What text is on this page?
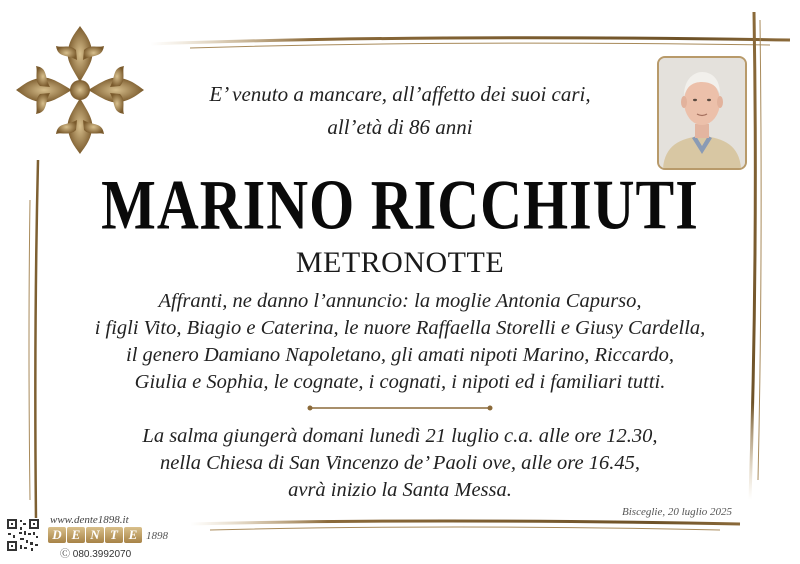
E’ venuto a mancare, all’affetto dei suoi cari,

all’età di 86 anni

MARINO RICCHIUTI

METRONOTTE

Affranti, ne danno l’annuncio: la moglie Antonia Capurso,

i figli Vito, Biagio e Caterina, le nuore Raffaella Storelli e Giusy Cardella,

il genero Damiano Napoletano, gli amati nipoti Marino, Riccardo,

Giulia e Sophia, le cognate, i cognati, i nipoti ed i familiari tutti.

La salma giungerà domani lunedì 21 luglio c.a. alle ore 12.30,

nella Chiesa di San Vincenzo de’ Paoli ove, alle ore 16.45,

avrà inizio la Santa Messa.

Bisceglie, 20 luglio 2025
www.dente1898.it
D E N T E 1898
Ⓒ 080.3992070
